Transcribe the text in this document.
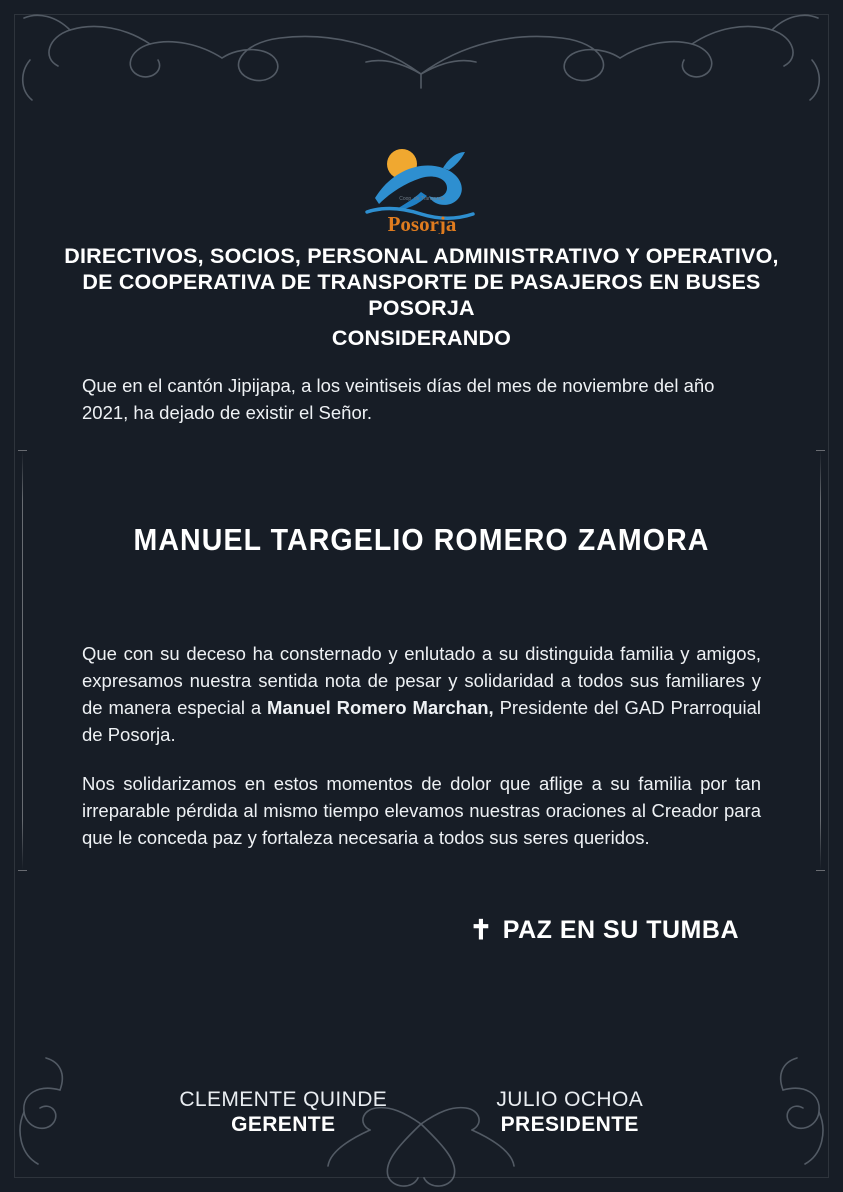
Coop. de Transporte
Posorja
DIRECTIVOS, SOCIOS, PERSONAL ADMINISTRATIVO Y OPERATIVO,
DE COOPERATIVA DE TRANSPORTE DE PASAJEROS EN BUSES
POSORJA
CONSIDERANDO
Que en el cantón Jipijapa, a los veintiseis días del mes de noviembre del año 2021, ha dejado de existir el Señor.
MANUEL TARGELIO ROMERO ZAMORA

Que con su deceso ha consternado y enlutado a su distinguida familia y amigos, expresamos nuestra sentida nota de pesar y solidaridad a todos sus familiares y de manera especial a Manuel Romero Marchan, Presidente del GAD Prarroquial de Posorja.

Nos solidarizamos en estos momentos de dolor que aflige a su familia por tan irreparable pérdida al mismo tiempo elevamos nuestras oraciones al Creador para que le conceda paz y fortaleza necesaria a todos sus seres queridos.

✝ PAZ EN SU TUMBA
CLEMENTE QUINDE
GERENTE
JULIO OCHOA
PRESIDENTE
